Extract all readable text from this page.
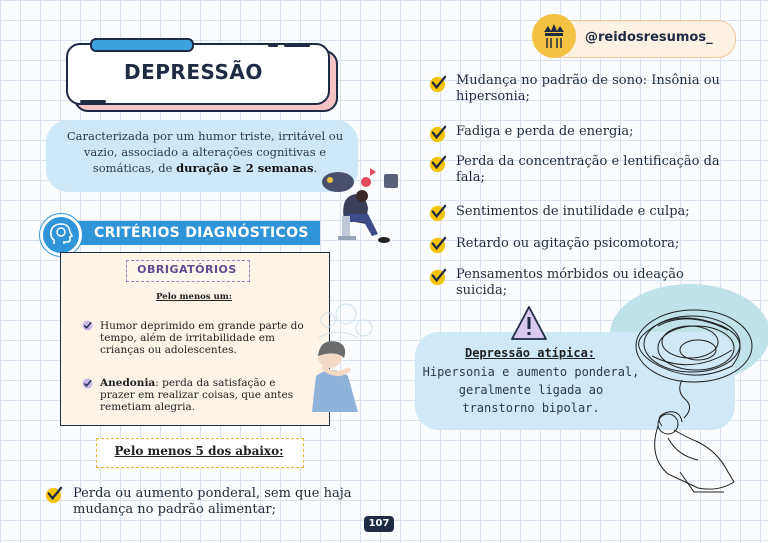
DEPRESSÃO
Caracterizada por um humor triste, irritável ou vazio, associado a alterações cognitivas e somáticas, de duração ≥ 2 semanas.
CRITÉRIOS DIAGNÓSTICOS
OBRIGATÓRIOS
Pelo menos um:
Humor deprimido em grande parte do tempo, além de irritabilidade em crianças ou adolescentes.
Anedonia: perda da satisfação e prazer em realizar coisas, que antes remetiam alegria.
Pelo menos 5 dos abaixo:
Perda ou aumento ponderal, sem que haja mudança no padrão alimentar;
107
@reidosresumos_
Mudança no padrão de sono: Insônia ou hipersonia;
Fadiga e perda de energia;
Perda da concentração e lentificação da fala;
Sentimentos de inutilidade e culpa;
Retardo ou agitação psicomotora;
Pensamentos mórbidos ou ideação suicida;
Depressão atípica:
Hipersonia e aumento ponderal, geralmente ligada ao transtorno bipolar.
